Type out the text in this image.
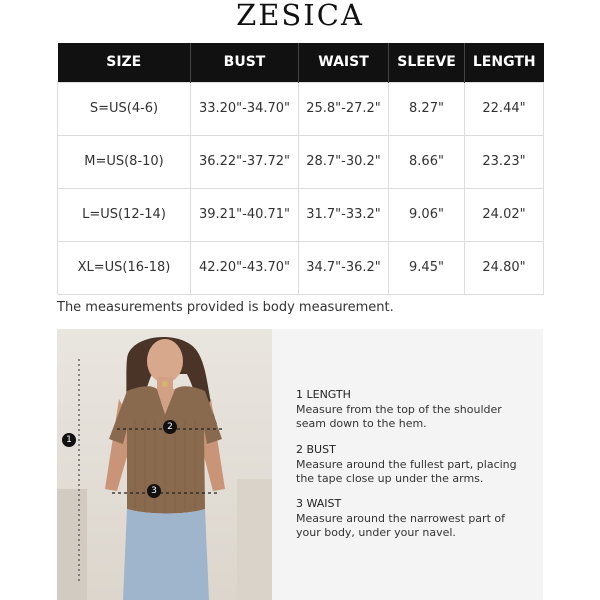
ZESICA
SIZE	BUST	WAIST	SLEEVE	LENGTH
S=US(4-6)	33.20"-34.70"	25.8"-27.2"	8.27"	22.44"
M=US(8-10)	36.22"-37.72"	28.7"-30.2"	8.66"	23.23"
L=US(12-14)	39.21"-40.71"	31.7"-33.2"	9.06"	24.02"
XL=US(16-18)	42.20"-43.70"	34.7"-36.2"	9.45"	24.80"
The measurements provided is body measurement.
1
2
3
1 LENGTH
Measure from the top of the shoulder seam down to the hem.
2 BUST
Measure around the fullest part, placing the tape close up under the arms.
3 WAIST
Measure around the narrowest part of your body, under your navel.
